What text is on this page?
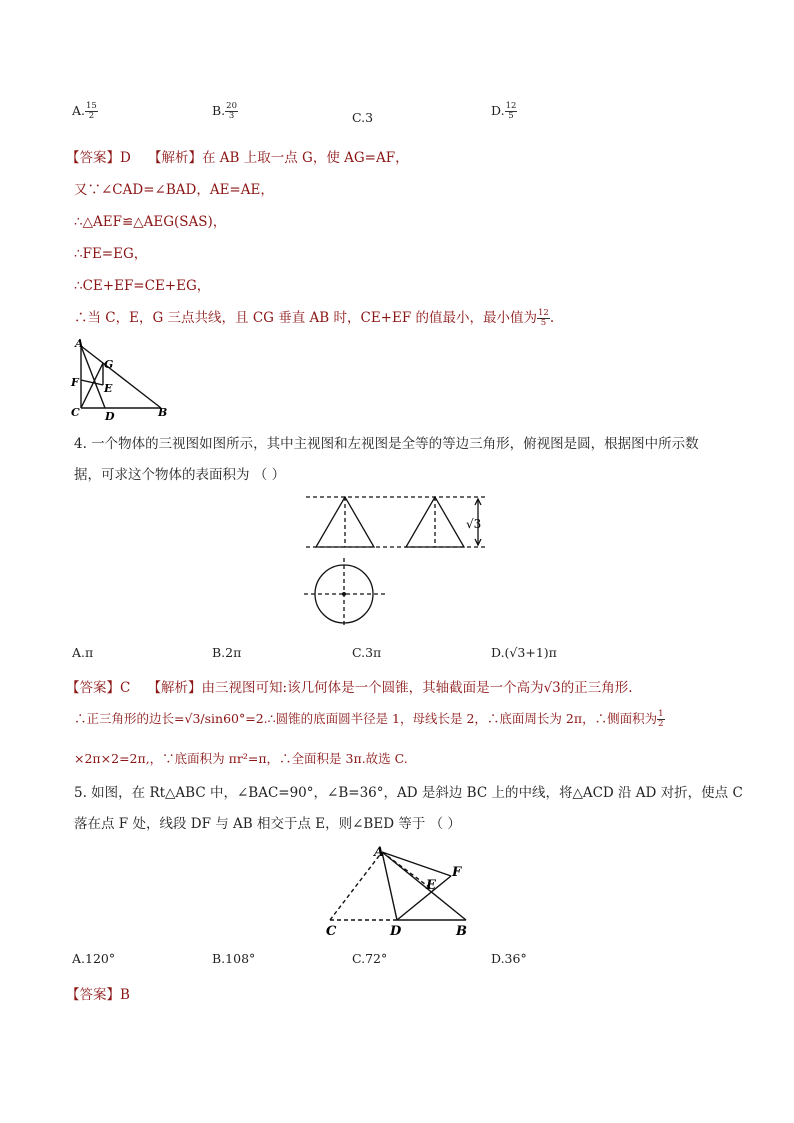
A. $\frac{15}{2}$	B. $\frac{20}{3}$	C.3	D. $\frac{12}{5}$
【答案】D 【解析】在 AB 上取一点 G，使 AG=AF，
又∵∠CAD=∠BAD，AE=AE，
∴△AEF≌△AEG(SAS)，
∴FE=EG，
∴CE+EF=CE+EG，
∴当 C，E，G 三点共线，且 CG 垂直 AB 时，CE+EF 的值最小，最小值为 $\frac{12}{5}$ .
A
G
F E
C D	B
4. 一个物体的三视图如图所示，其中主视图和左视图是全等的等边三角形，俯视图是圆，根据图中所示数
据，可求这个物体的表面积为 （ ）
√3
A.π	B.2π	C.3π	D.(√3+1)π
【答案】C 【解析】由三视图可知:该几何体是一个圆锥，其轴截面是一个高为√3的正三角形.
∴正三角形的边长=√3/sin60°=2.∴圆锥的底面圆半径是 1，母线长是 2，∴底面周长为 2π，∴侧面积为 $\frac{1}{2}$
×2π×2=2π,，∵底面积为 πr²=π，∴全面积是 3π.故选 C.
5. 如图，在 Rt△ABC 中，∠BAC=90°，∠B=36°，AD 是斜边 BC 上的中线，将△ACD 沿 AD 对折，使点 C
落在点 F 处，线段 DF 与 AB 相交于点 E，则∠BED 等于 （ ）
A
F
E
C	D	B
A.120°	B.108°	C.72°	D.36°
【答案】B
